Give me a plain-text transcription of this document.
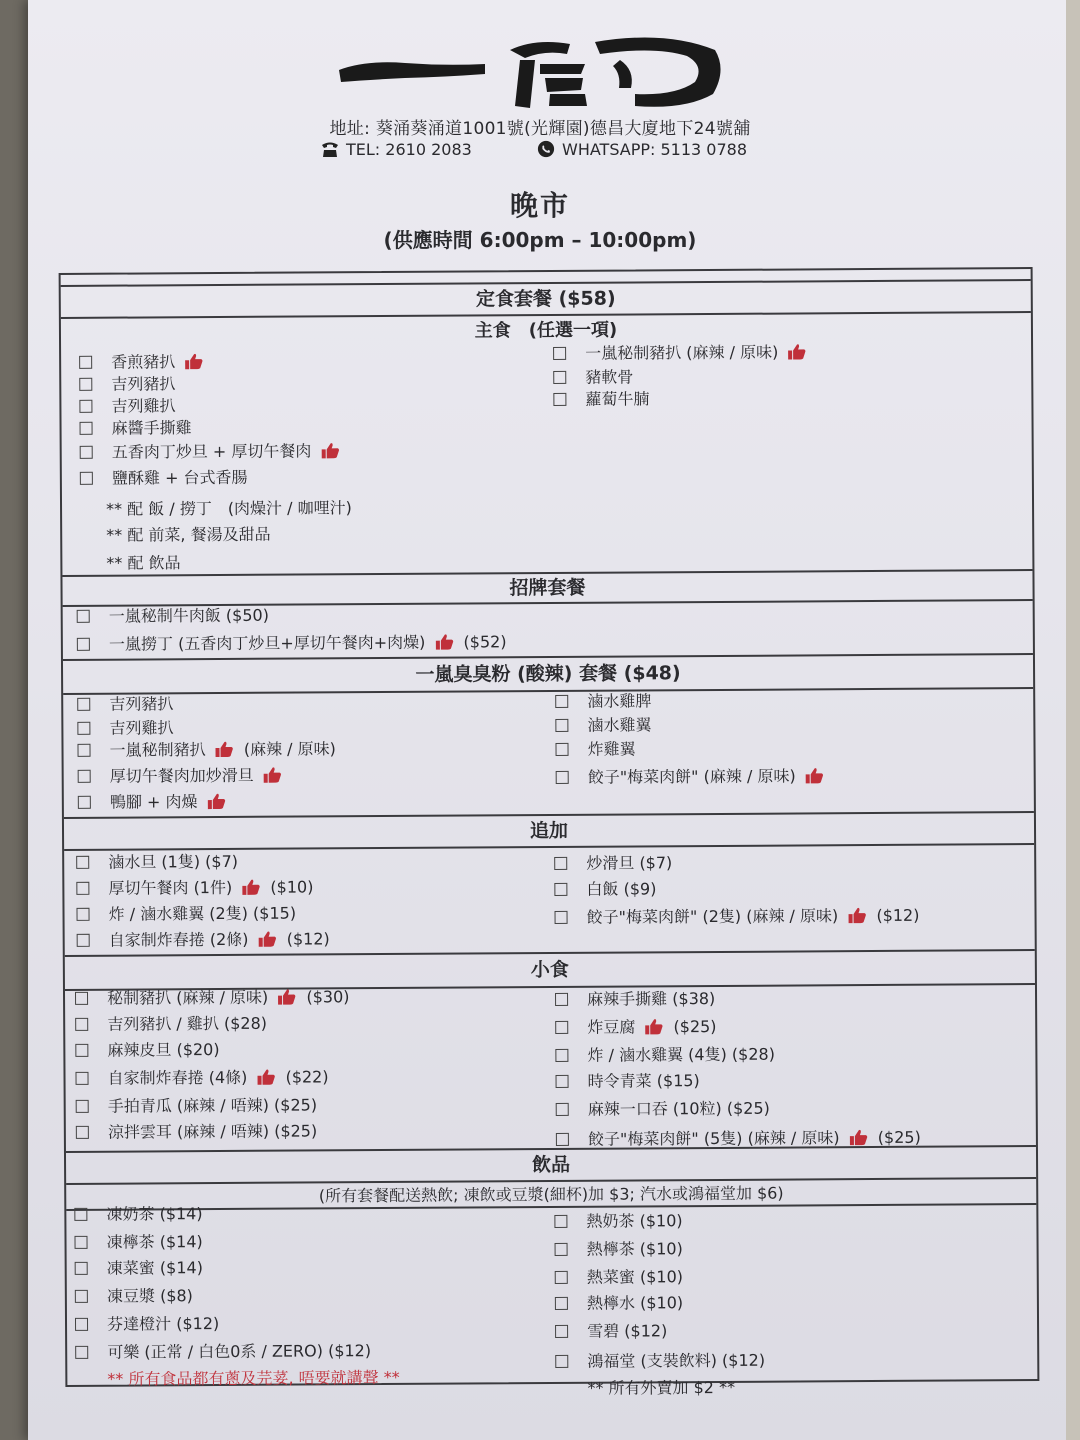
地址: 葵涌葵涌道1001號(光輝園)德昌大廈地下24號舖
TEL: 2610 2083	WHATSAPP: 5113 0788
晚市
(供應時間 6:00pm – 10:00pm)
定食套餐 ($58)
主食　(任選一項)
香煎豬扒
吉列豬扒
吉列雞扒
麻醬手撕雞
五香肉丁炒旦 + 厚切午餐肉
鹽酥雞 + 台式香腸
一嵐秘制豬扒 (麻辣 / 原味)
豬軟骨
蘿蔔牛腩
** 配 飯 / 撈丁　(肉燥汁 / 咖哩汁)
** 配 前菜, 餐湯及甜品
** 配 飲品
招牌套餐
一嵐秘制牛肉飯 ($50)
一嵐撈丁 (五香肉丁炒旦+厚切午餐肉+肉燥)  ($52)
一嵐臭臭粉 (酸辣) 套餐 ($48)
吉列豬扒
吉列雞扒
一嵐秘制豬扒  (麻辣 / 原味)
厚切午餐肉加炒滑旦
鴨腳 + 肉燥
滷水雞脾
滷水雞翼
炸雞翼
餃子"梅菜肉餅" (麻辣 / 原味)
追加
滷水旦 (1隻) ($7)
厚切午餐肉 (1件)  ($10)
炸 / 滷水雞翼 (2隻) ($15)
自家制炸春捲 (2條)  ($12)
炒滑旦 ($7)
白飯 ($9)
餃子"梅菜肉餅" (2隻) (麻辣 / 原味)  ($12)
小食
秘制豬扒 (麻辣 / 原味)  ($30)
吉列豬扒 / 雞扒 ($28)
麻辣皮旦 ($20)
自家制炸春捲 (4條)  ($22)
手拍青瓜 (麻辣 / 唔辣) ($25)
涼拌雲耳 (麻辣 / 唔辣) ($25)
麻辣手撕雞 ($38)
炸豆腐  ($25)
炸 / 滷水雞翼 (4隻) ($28)
時令青菜 ($15)
麻辣一口吞 (10粒) ($25)
餃子"梅菜肉餅" (5隻) (麻辣 / 原味)  ($25)
飲品
(所有套餐配送熱飲; 凍飲或豆漿(細杯)加 $3; 汽水或鴻福堂加 $6)
凍奶茶 ($14)
凍檸茶 ($14)
凍菜蜜 ($14)
凍豆漿 ($8)
芬達橙汁 ($12)
可樂 (正常 / 白色0系 / ZERO) ($12)
熱奶茶 ($10)
熱檸茶 ($10)
熱菜蜜 ($10)
熱檸水 ($10)
雪碧 ($12)
鴻福堂 (支裝飲料) ($12)
** 所有食品都有蔥及芫荽, 唔要就講聲 **	** 所有外賣加 $2 **
